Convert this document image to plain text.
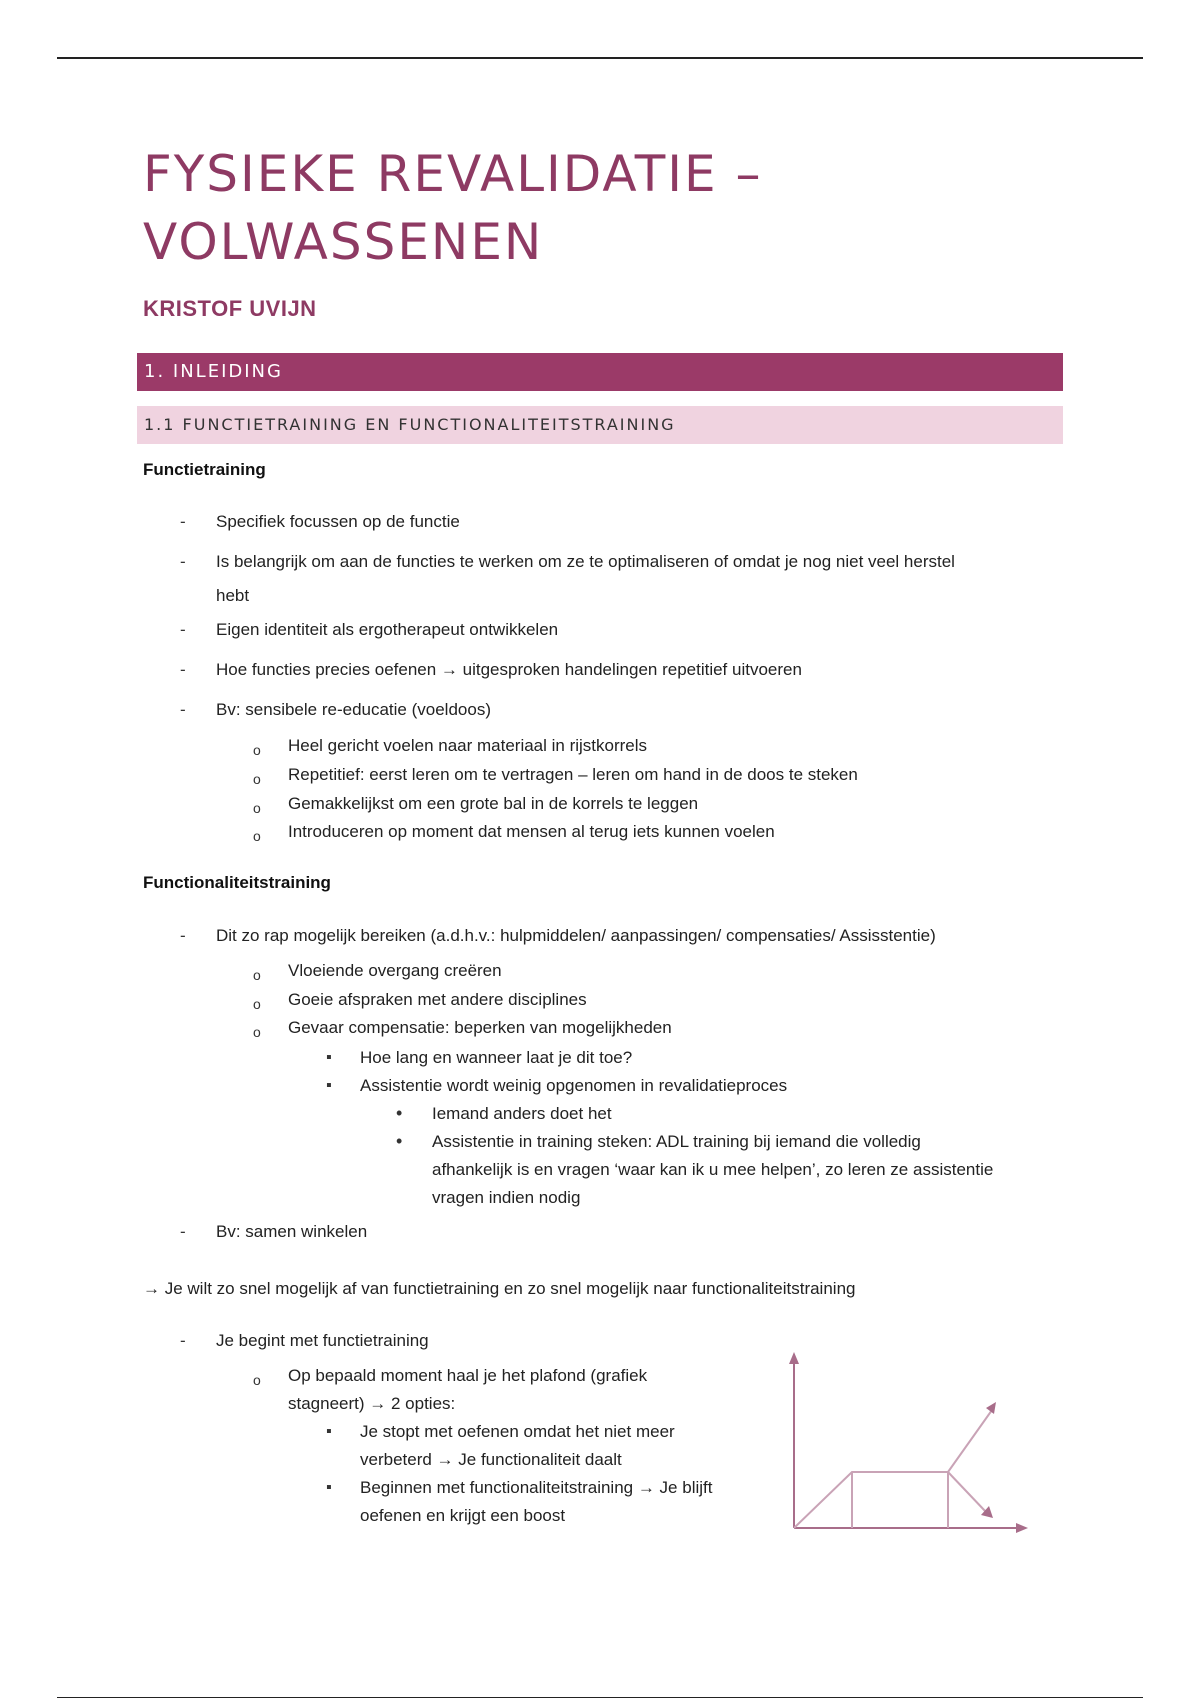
FYSIEKE REVALIDATIE –
VOLWASSENEN
KRISTOF UVIJN
1. INLEIDING
1.1 FUNCTIETRAINING EN FUNCTIONALITEITSTRAINING
Functietraining
-
Specifiek focussen op de functie
-
Is belangrijk om aan de functies te werken om ze te optimaliseren of omdat je nog niet veel herstel
hebt
-
Eigen identiteit als ergotherapeut ontwikkelen
-
Hoe functies precies oefenen → uitgesproken handelingen repetitief uitvoeren
-
Bv: sensibele re-educatie (voeldoos)
o
Heel gericht voelen naar materiaal in rijstkorrels
o
Repetitief: eerst leren om te vertragen – leren om hand in de doos te steken
o
Gemakkelijkst om een grote bal in de korrels te leggen
o
Introduceren op moment dat mensen al terug iets kunnen voelen
Functionaliteitstraining
-
Dit zo rap mogelijk bereiken (a.d.h.v.: hulpmiddelen/ aanpassingen/ compensaties/ Assisstentie)
o
Vloeiende overgang creëren
o
Goeie afspraken met andere disciplines
o
Gevaar compensatie: beperken van mogelijkheden
▪
Hoe lang en wanneer laat je dit toe?
▪
Assistentie wordt weinig opgenomen in revalidatieproces
•
Iemand anders doet het
•
Assistentie in training steken: ADL training bij iemand die volledig
afhankelijk is en vragen ‘waar kan ik u mee helpen’, zo leren ze assistentie
vragen indien nodig
-
Bv: samen winkelen
→ Je wilt zo snel mogelijk af van functietraining en zo snel mogelijk naar functionaliteitstraining
-
Je begint met functietraining
o
Op bepaald moment haal je het plafond (grafiek
stagneert) → 2 opties:
▪
Je stopt met oefenen omdat het niet meer
verbeterd → Je functionaliteit daalt
▪
Beginnen met functionaliteitstraining → Je blijft
oefenen en krijgt een boost
